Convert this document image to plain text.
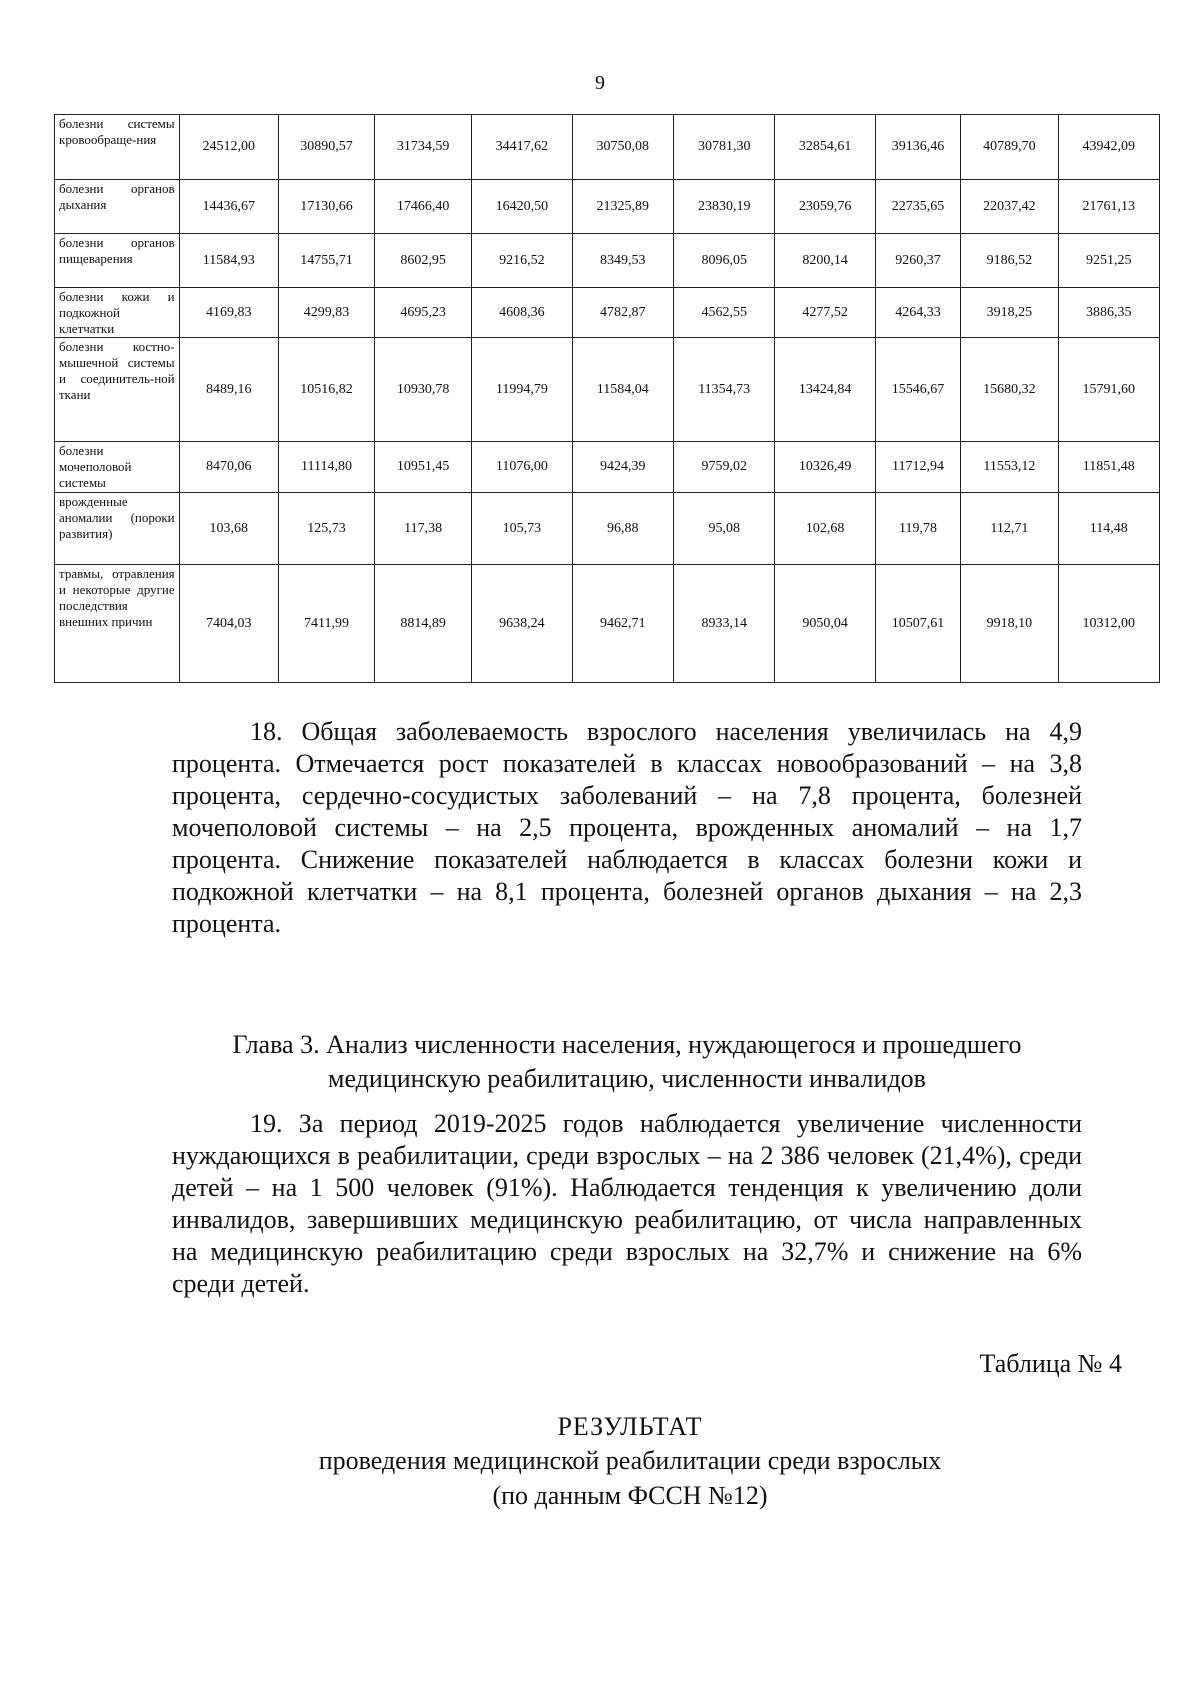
9
болезни системы кровообраще-ния	24512,00	30890,57	31734,59	34417,62	30750,08	30781,30	32854,61	39136,46	40789,70	43942,09
болезни органов дыхания	14436,67	17130,66	17466,40	16420,50	21325,89	23830,19	23059,76	22735,65	22037,42	21761,13
болезни органов пищеварения	11584,93	14755,71	8602,95	9216,52	8349,53	8096,05	8200,14	9260,37	9186,52	9251,25
болезни кожи и подкожной клетчатки	4169,83	4299,83	4695,23	4608,36	4782,87	4562,55	4277,52	4264,33	3918,25	3886,35
болезни костно-мышечной системы и соединитель-ной ткани	8489,16	10516,82	10930,78	11994,79	11584,04	11354,73	13424,84	15546,67	15680,32	15791,60
болезни мочеполовой системы	8470,06	11114,80	10951,45	11076,00	9424,39	9759,02	10326,49	11712,94	11553,12	11851,48
врожденные аномалии (пороки развития)	103,68	125,73	117,38	105,73	96,88	95,08	102,68	119,78	112,71	114,48
травмы, отравления и некоторые другие последствия внешних причин	7404,03	7411,99	8814,89	9638,24	9462,71	8933,14	9050,04	10507,61	9918,10	10312,00
18. Общая заболеваемость взрослого населения увеличилась на 4,9 процента. Отмечается рост показателей в классах новообразований – на 3,8 процента, сердечно-сосудистых заболеваний – на 7,8 процента, болезней мочеполовой системы – на 2,5 процента, врожденных аномалий – на 1,7 процента. Снижение показателей наблюдается в классах болезни кожи и подкожной клетчатки – на 8,1 процента, болезней органов дыхания – на 2,3 процента.
Глава 3. Анализ численности населения, нуждающегося и прошедшего медицинскую реабилитацию, численности инвалидов
19. За период 2019-2025 годов наблюдается увеличение численности нуждающихся в реабилитации, среди взрослых – на 2 386 человек (21,4%), среди детей – на 1 500 человек (91%). Наблюдается тенденция к увеличению доли инвалидов, завершивших медицинскую реабилитацию, от числа направленных на медицинскую реабилитацию среди взрослых на 32,7% и снижение на 6% среди детей.
Таблица № 4
РЕЗУЛЬТАТ
проведения медицинской реабилитации среди взрослых
(по данным ФССН №12)
